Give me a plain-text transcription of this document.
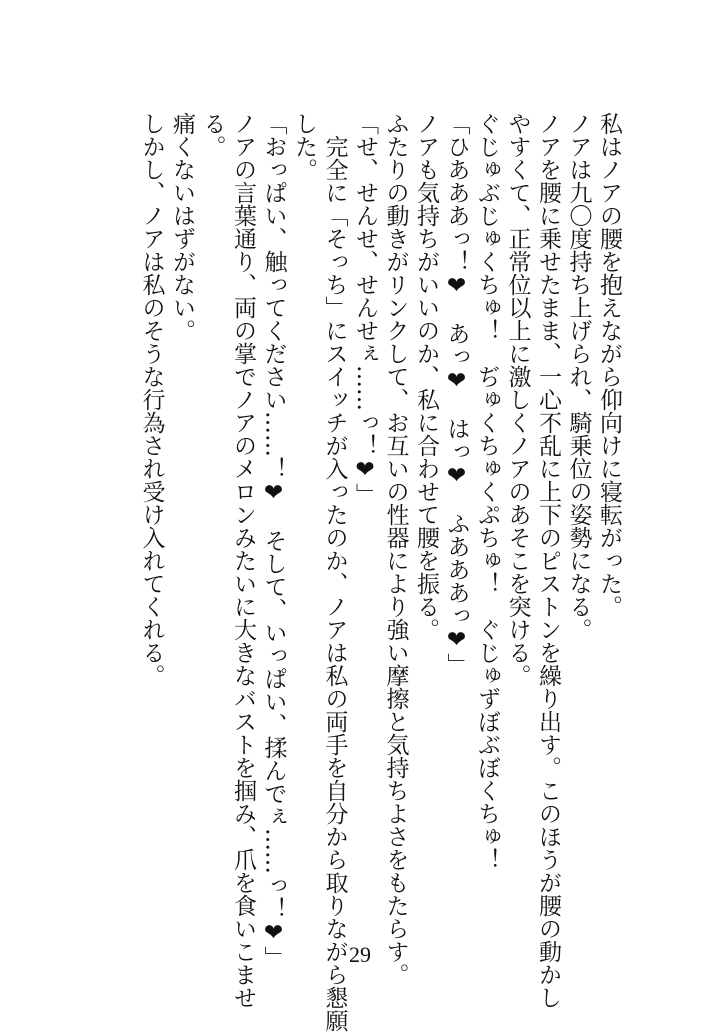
私はノアの腰を抱えながら仰向けに寝転がった。
ノアは九〇度持ち上げられ、騎乗位の姿勢になる。
ノアを腰に乗せたまま、一心不乱に上下のピストンを繰り出す。このほうが腰の動かし
やすくて、正常位以上に激しくノアのあそこを突ける。
ぐじゅぶじゅくちゅ！　ぢゅくちゅくぷちゅ！　ぐじゅずぼぶぼくちゅ！
「ひあああっ！❤　あっ❤　はっ❤　ふあああっ❤」
ノアも気持ちがいいのか、私に合わせて腰を振る。
ふたりの動きがリンクして、お互いの性器により強い摩擦と気持ちよさをもたらす。
「せ、せんせ、せんせぇ……っ！❤」
　完全に「そっち」にスイッチが入ったのか、ノアは私の両手を自分から取りながら懇願
した。
「おっぱい、触ってください……！❤　そして、いっぱい、揉んでぇ……っ！❤」
ノアの言葉通り、両の掌でノアのメロンみたいに大きなバストを掴み、爪を食いこませ
る。
痛くないはずがない。
しかし、ノアは私のそうな行為され受け入れてくれる。
29
